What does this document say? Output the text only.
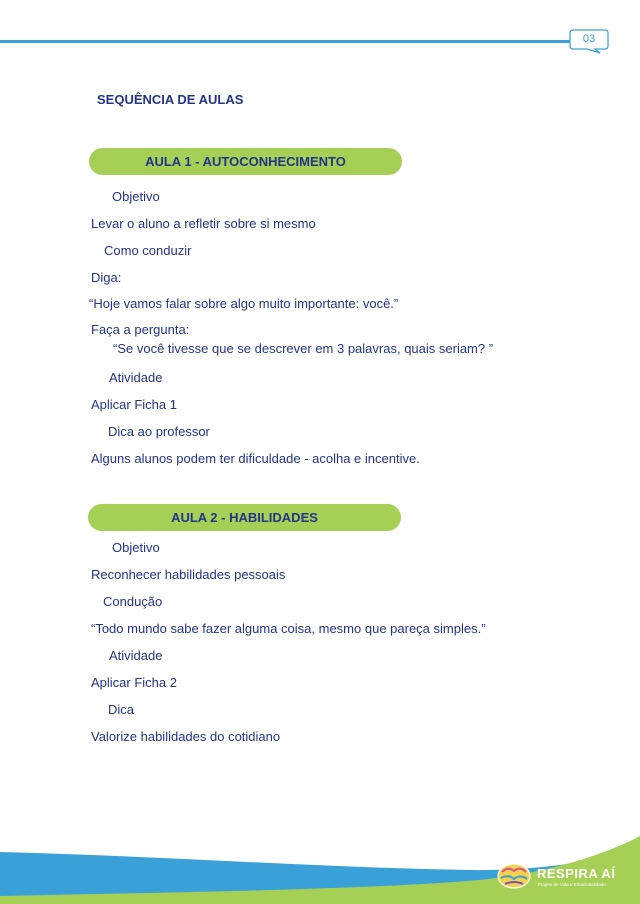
03
SEQUÊNCIA DE AULAS
AULA 1 - AUTOCONHECIMENTO
Objetivo
Levar o aluno a refletir sobre si mesmo
Como conduzir
Diga:
“Hoje vamos falar sobre algo muito importante: você.”
Faça a pergunta:
“Se você tivesse que se descrever em 3 palavras, quais seriam? ”
Atividade
Aplicar Ficha 1
Dica ao professor
Alguns alunos podem ter dificuldade - acolha e incentive.
AULA 2 - HABILIDADES
Objetivo
Reconhecer habilidades pessoais
Condução
“Todo mundo sabe fazer alguma coisa, mesmo que pareça simples.”
Atividade
Aplicar Ficha 2
Dica
Valorize habilidades do cotidiano
RESPIRA AÍ
Projeto de Vida e Emocionalidade
